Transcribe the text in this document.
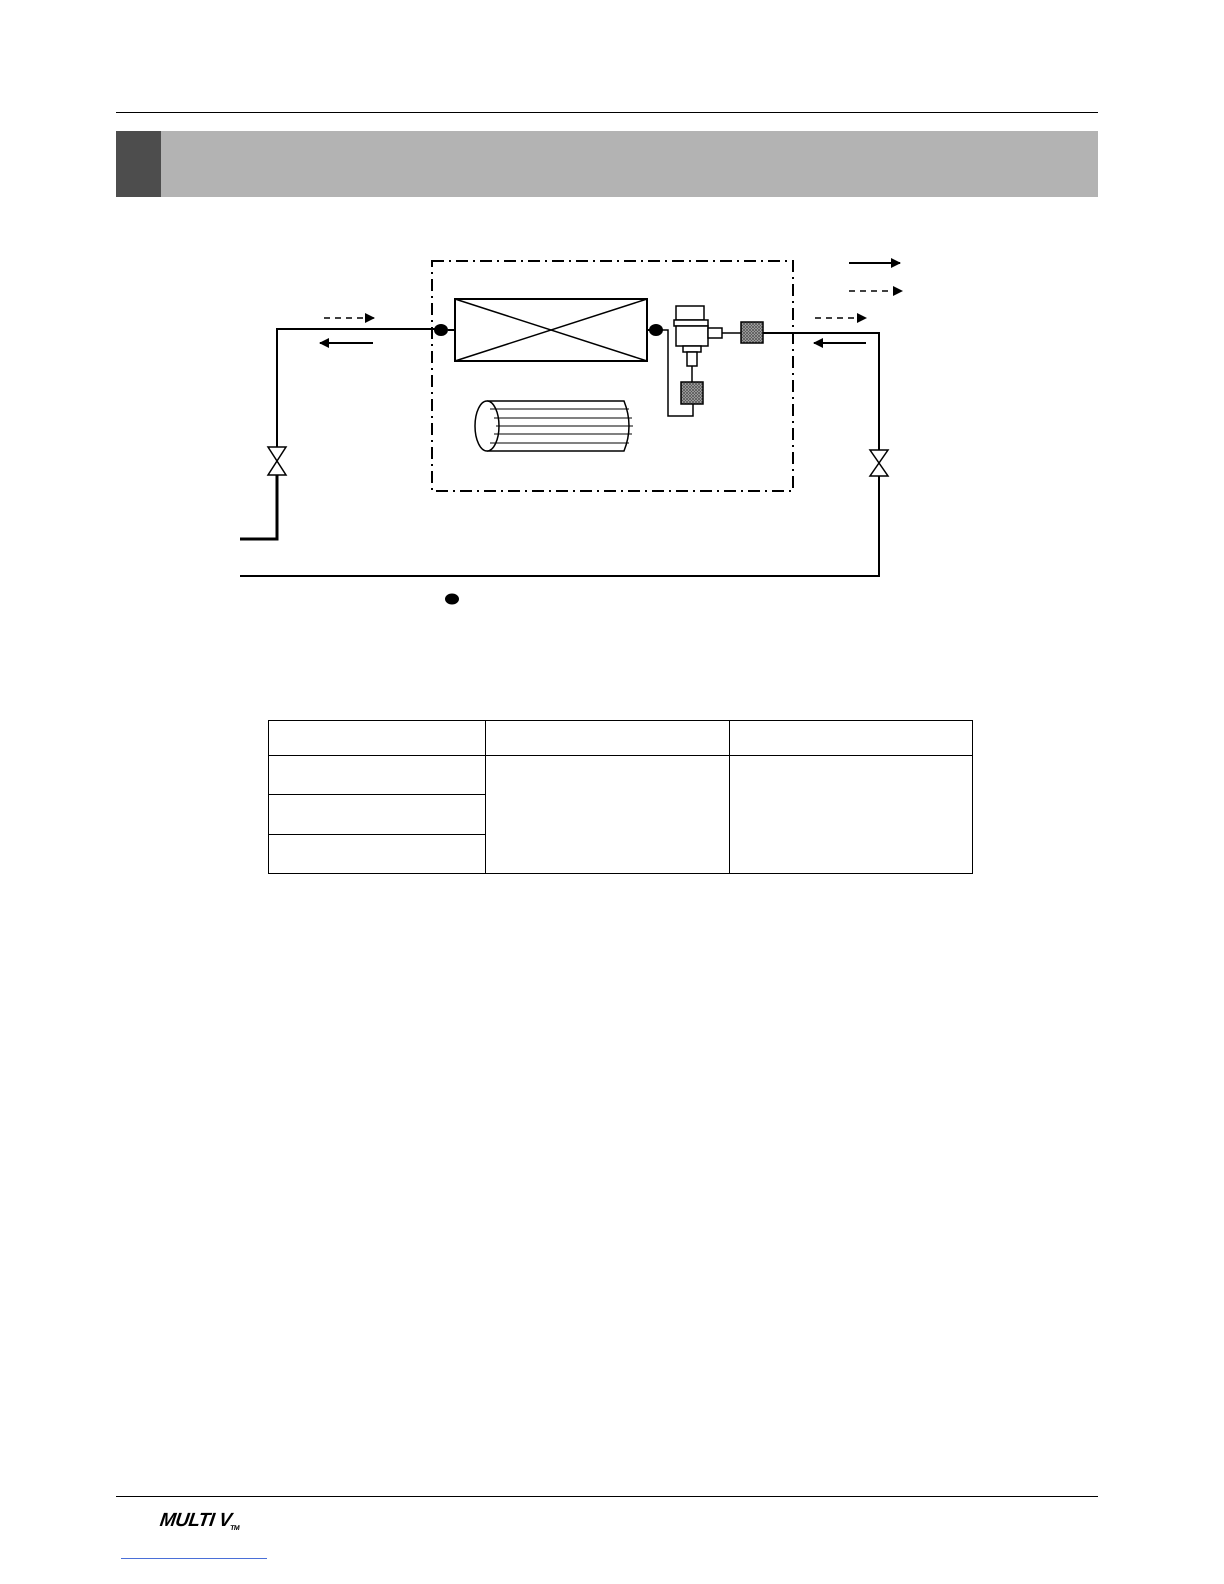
MULTI VTM
